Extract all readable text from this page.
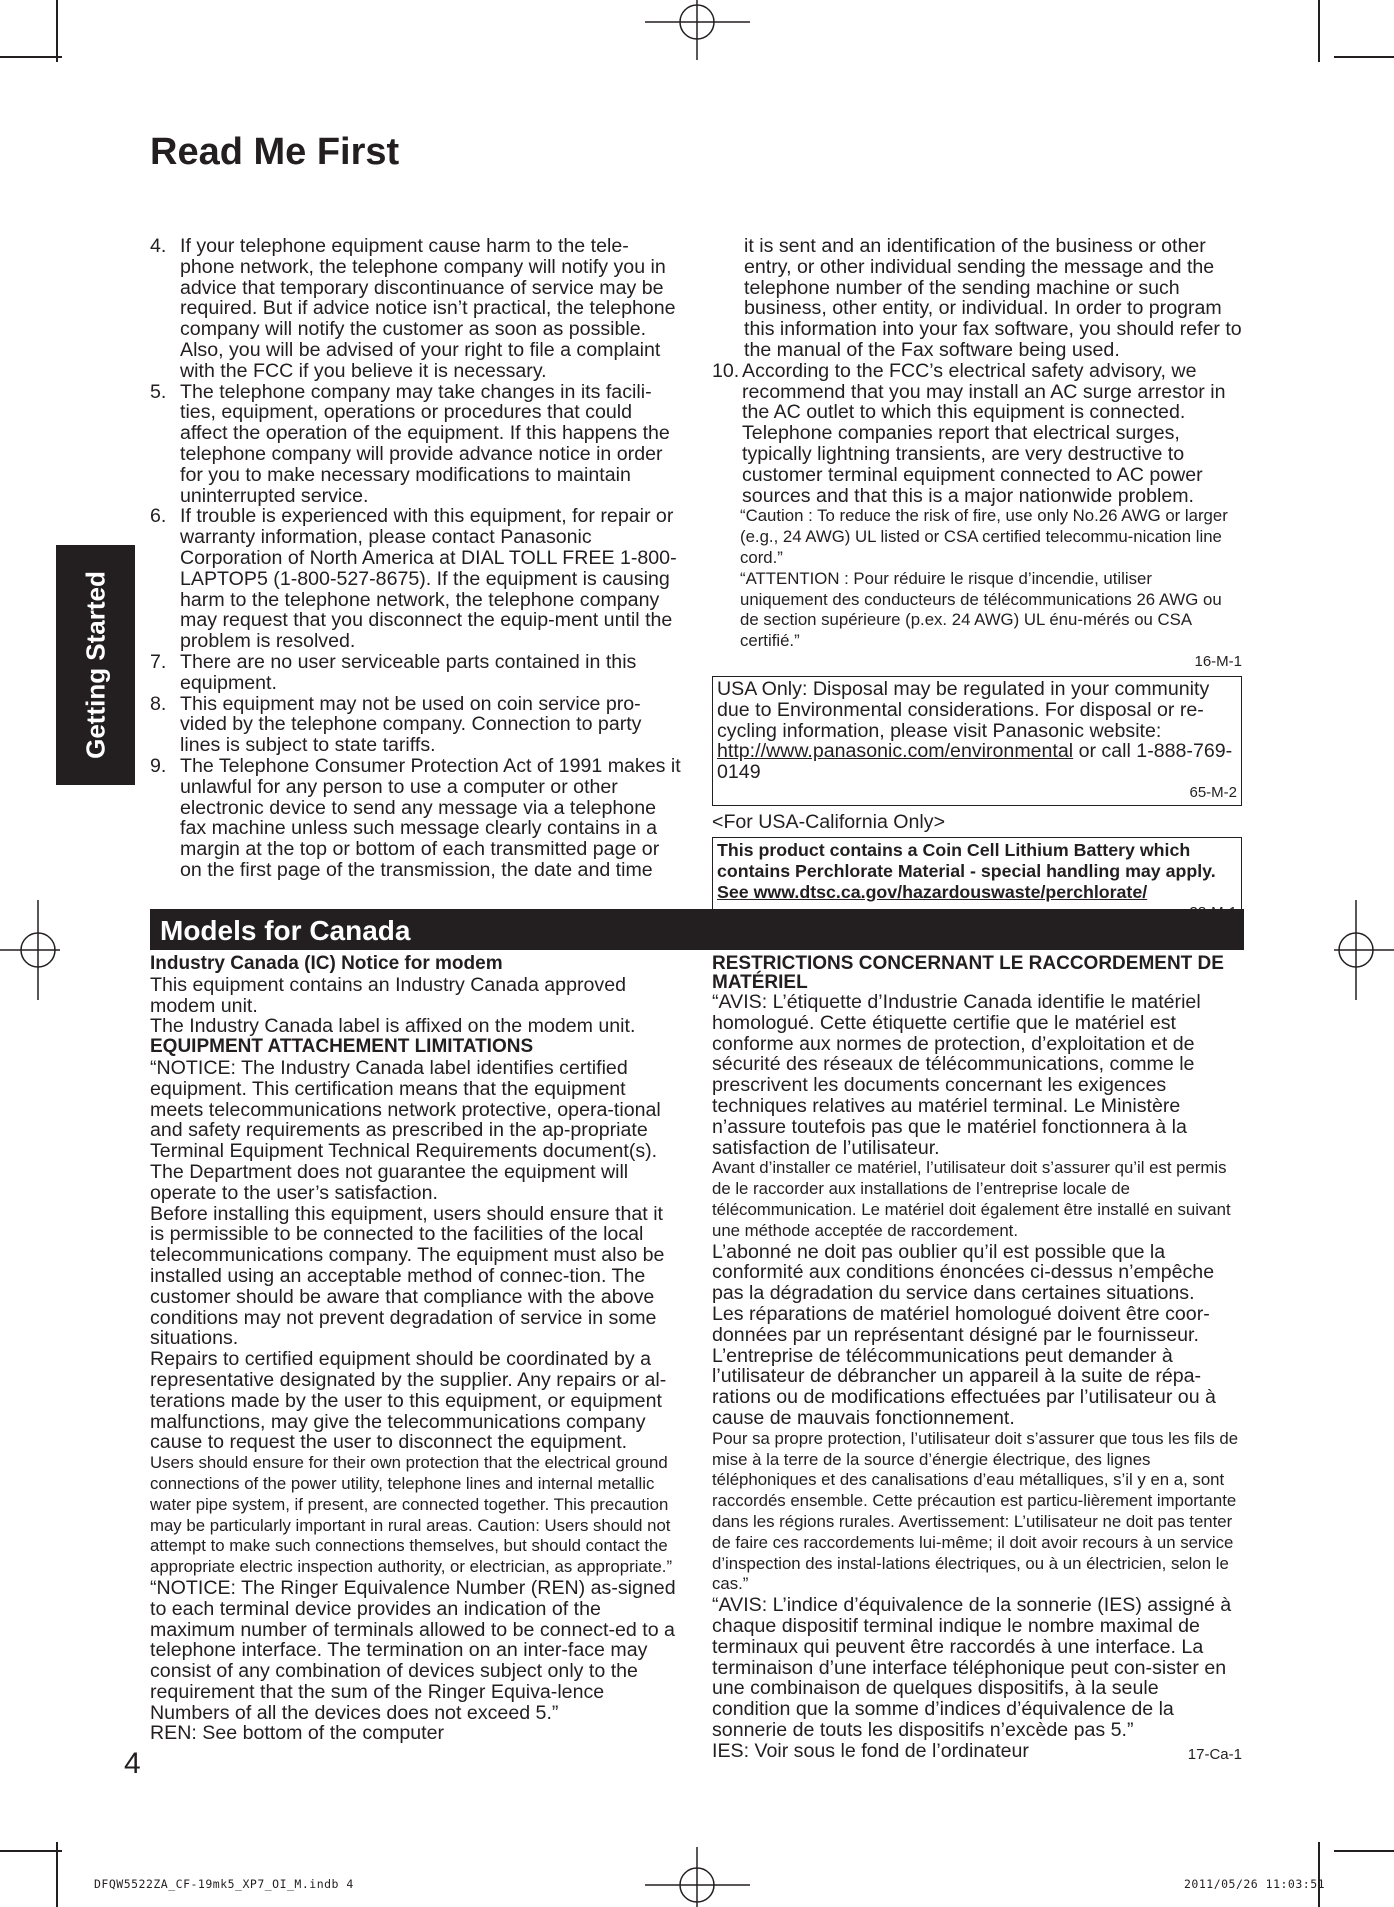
Read Me First
Getting Started
4. If your telephone equipment cause harm to the tele-phone network, the telephone company will notify you in advice that temporary discontinuance of service may be required. But if advice notice isn’t practical, the telephone company will notify the customer as soon as possible. Also, you will be advised of your right to file a complaint with the FCC if you believe it is necessary.
5. The telephone company may take changes in its facili-ties, equipment, operations or procedures that could affect the operation of the equipment. If this happens the telephone company will provide advance notice in order for you to make necessary modifications to maintain uninterrupted service.
6. If trouble is experienced with this equipment, for repair or warranty information, please contact Panasonic Corporation of North America at DIAL TOLL FREE 1-800-LAPTOP5 (1-800-527-8675). If the equipment is causing harm to the telephone network, the telephone company may request that you disconnect the equip-ment until the problem is resolved.
7. There are no user serviceable parts contained in this equipment.
8. This equipment may not be used on coin service pro-vided by the telephone company. Connection to party lines is subject to state tariffs.
9. The Telephone Consumer Protection Act of 1991 makes it unlawful for any person to use a computer or other electronic device to send any message via a telephone fax machine unless such message clearly contains in a margin at the top or bottom of each transmitted page or on the first page of the transmission, the date and time

it is sent and an identification of the business or other entry, or other individual sending the message and the telephone number of the sending machine or such business, other entity, or individual. In order to program this information into your fax software, you should refer to the manual of the Fax software being used.

10. According to the FCC’s electrical safety advisory, we recommend that you may install an AC surge arrestor in the AC outlet to which this equipment is connected. Telephone companies report that electrical surges, typically lightning transients, are very destructive to customer terminal equipment connected to AC power sources and that this is a major nationwide problem.

“Caution : To reduce the risk of fire, use only No.26 AWG or larger (e.g., 24 AWG) UL listed or CSA certified telecommu-nication line cord.”

“ATTENTION : Pour réduire le risque d’incendie, utiliser uniquement des conducteurs de télécommunications 26 AWG ou de section supérieure (p.ex. 24 AWG) UL énu-mérés ou CSA certifié.”

16-M-1
USA Only: Disposal may be regulated in your community due to Environmental considerations. For disposal or re-cycling information, please visit Panasonic website: http://www.panasonic.com/environmental or call 1-888-769-0149
65-M-2
<For USA-California Only>
This product contains a Coin Cell Lithium Battery which contains Perchlorate Material - special handling may apply.
See www.dtsc.ca.gov/hazardouswaste/perchlorate/
Models for Canada
Industry Canada (IC) Notice for modem

This equipment contains an Industry Canada approved modem unit.

The Industry Canada label is affixed on the modem unit.

EQUIPMENT ATTACHEMENT LIMITATIONS

“NOTICE: The Industry Canada label identifies certified equipment. This certification means that the equipment meets telecommunications network protective, opera-tional and safety requirements as prescribed in the ap-propriate Terminal Equipment Technical Requirements document(s). The Department does not guarantee the equipment will operate to the user’s satisfaction.

Before installing this equipment, users should ensure that it is permissible to be connected to the facilities of the local telecommunications company. The equipment must also be installed using an acceptable method of connec-tion. The customer should be aware that compliance with the above conditions may not prevent degradation of service in some situations.

Repairs to certified equipment should be coordinated by a representative designated by the supplier. Any repairs or al-terations made by the user to this equipment, or equipment malfunctions, may give the telecommunications company cause to request the user to disconnect the equipment.

Users should ensure for their own protection that the electrical ground connections of the power utility, telephone lines and internal metallic water pipe system, if present, are connected together. This precaution may be particularly important in rural areas. Caution: Users should not attempt to make such connections themselves, but should contact the appropriate electric inspection authority, or electrician, as appropriate.”

“NOTICE: The Ringer Equivalence Number (REN) as-signed to each terminal device provides an indication of the maximum number of terminals allowed to be connect-ed to a telephone interface. The termination on an inter-face may consist of any combination of devices subject only to the requirement that the sum of the Ringer Equiva-lence Numbers of all the devices does not exceed 5.”

REN: See bottom of the computer

RESTRICTIONS CONCERNANT LE RACCORDEMENT DE MATÉRIEL

“AVIS: L’étiquette d’Industrie Canada identifie le matériel homologué. Cette étiquette certifie que le matériel est conforme aux normes de protection, d’exploitation et de sécurité des réseaux de télécommunications, comme le prescrivent les documents concernant les exigences techniques relatives au matériel terminal. Le Ministère n’assure toutefois pas que le matériel fonctionnera à la satisfaction de l’utilisateur.

Avant d’installer ce matériel, l’utilisateur doit s’assurer qu’il est permis de le raccorder aux installations de l’entreprise locale de télécommunication. Le matériel doit également être installé en suivant une méthode acceptée de raccordement.

L’abonné ne doit pas oublier qu’il est possible que la conformité aux conditions énoncées ci-dessus n’empêche pas la dégradation du service dans certaines situations.

Les réparations de matériel homologué doivent être coor-données par un représentant désigné par le fournisseur. L’entreprise de télécommunications peut demander à l’utilisateur de débrancher un appareil à la suite de répa-rations ou de modifications effectuées par l’utilisateur ou à cause de mauvais fonctionnement.

Pour sa propre protection, l’utilisateur doit s’assurer que tous les fils de mise à la terre de la source d’énergie électrique, des lignes téléphoniques et des canalisations d’eau métalliques, s’il y en a, sont raccordés ensemble. Cette précaution est particu-lièrement importante dans les régions rurales. Avertissement: L’utilisateur ne doit pas tenter de faire ces raccordements lui-même; il doit avoir recours à un service d’inspection des instal-lations électriques, ou à un électricien, selon le cas.”

“AVIS: L’indice d’équivalence de la sonnerie (IES) assigné à chaque dispositif terminal indique le nombre maximal de terminaux qui peuvent être raccordés à une interface. La terminaison d’une interface téléphonique peut con-sister en une combinaison de quelques dispositifs, à la seule condition que la somme d’indices d’équivalence de la sonnerie de touts les dispositifs n’excède pas 5.”

IES: Voir sous le fond de l’ordinateur	17-Ca-1

4
DFQW5522ZA_CF-19mk5_XP7_OI_M.indb 4	2011/05/26 11:03:51
